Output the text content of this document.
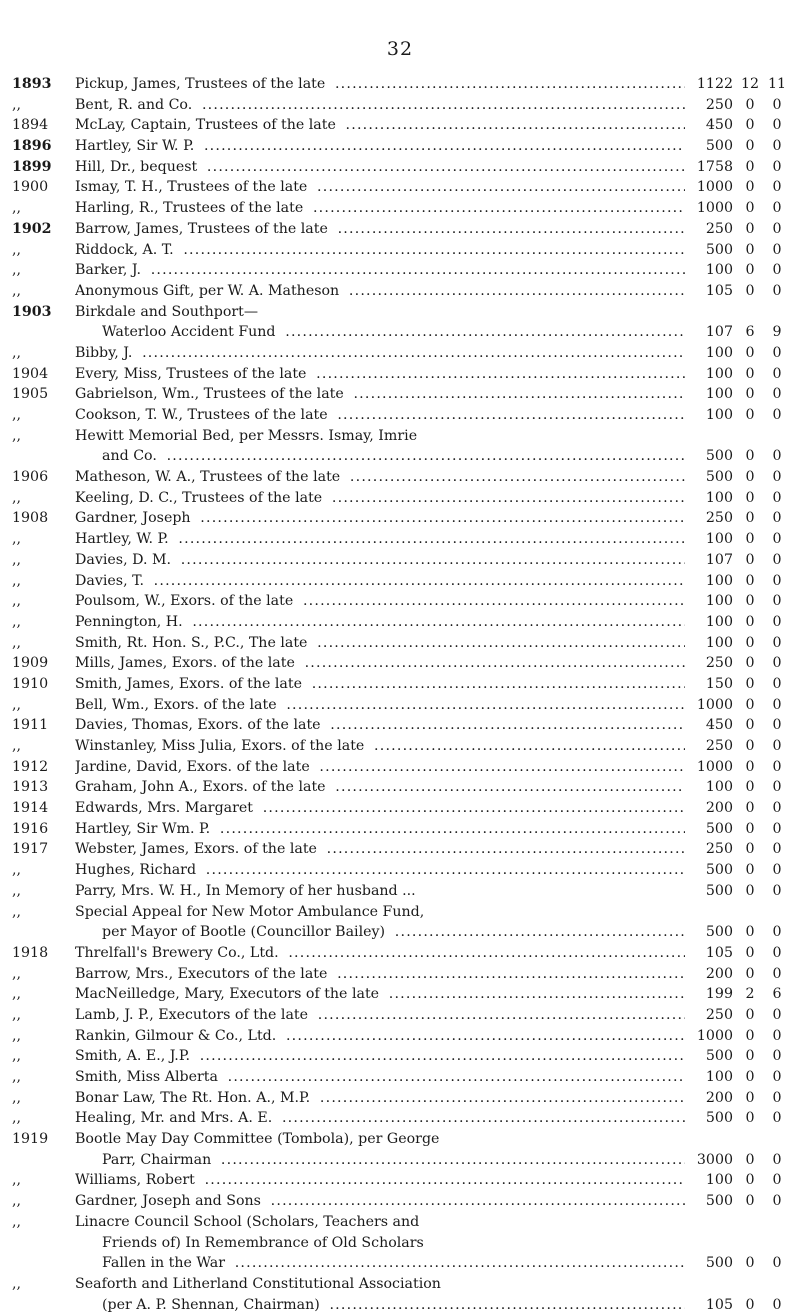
32
1893	Pickup, James, Trustees of the late .....	1122 12 11
,,	Bent, R. and Co. .....	250 0	0
1894	McLay, Captain, Trustees of the late .....	450 0	0
1896	Hartley, Sir W. P. .....	500 0	0
1899	Hill, Dr., bequest .....	1758 0	0
1900	Ismay, T. H., Trustees of the late .....	1000 0	0
,,	Harling, R., Trustees of the late .....	1000 0	0
1902	Barrow, James, Trustees of the late .....	250 0	0
,,	Riddock, A. T. .....	500 0	0
,,	Barker, J. .....	100 0	0
,,	Anonymous Gift, per W. A. Matheson .....	105 0	0
1903	Birkdale and Southport—
Waterloo Accident Fund .....	107 6	9
,,	Bibby, J. .....	100 0	0
1904	Every, Miss, Trustees of the late .....	100 0	0
1905	Gabrielson, Wm., Trustees of the late .....	100 0	0
,,	Cookson, T. W., Trustees of the late .....	100 0	0
,,	Hewitt Memorial Bed, per Messrs. Ismay, Imrie
and Co. .....	500 0	0
1906	Matheson, W. A., Trustees of the late .....	500 0	0
,,	Keeling, D. C., Trustees of the late .....	100 0	0
1908	Gardner, Joseph .....	250 0	0
,,	Hartley, W. P. .....	100 0	0
,,	Davies, D. M. .....	107 0	0
,,	Davies, T. .....	100 0	0
,,	Poulsom, W., Exors. of the late .....	100 0	0
,,	Pennington, H. .....	100 0	0
,,	Smith, Rt. Hon. S., P.C., The late .....	100 0	0
1909	Mills, James, Exors. of the late .....	250 0	0
1910	Smith, James, Exors. of the late .....	150 0	0
,,	Bell, Wm., Exors. of the late .....	1000 0	0
1911	Davies, Thomas, Exors. of the late .....	450 0	0
,,	Winstanley, Miss Julia, Exors. of the late .....	250 0	0
1912	Jardine, David, Exors. of the late .....	1000 0	0
1913	Graham, John A., Exors. of the late .....	100 0	0
1914	Edwards, Mrs. Margaret .....	200 0	0
1916	Hartley, Sir Wm. P. .....	500 0	0
1917	Webster, James, Exors. of the late .....	250 0	0
,,	Hughes, Richard .....	500 0	0
,,	Parry, Mrs. W. H., In Memory of her husband ...	500 0	0
,,	Special Appeal for New Motor Ambulance Fund,
per Mayor of Bootle (Councillor Bailey) .....	500 0	0
1918	Threlfall's Brewery Co., Ltd. .....	105 0	0
,,	Barrow, Mrs., Executors of the late .....	200 0	0
,,	MacNeilledge, Mary, Executors of the late .....	199 2	6
,,	Lamb, J. P., Executors of the late .....	250 0	0
,,	Rankin, Gilmour & Co., Ltd. .....	1000 0	0
,,	Smith, A. E., J.P. .....	500 0	0
,,	Smith, Miss Alberta .....	100 0	0
,,	Bonar Law, The Rt. Hon. A., M.P. .....	200 0	0
,,	Healing, Mr. and Mrs. A. E. .....	500 0	0
1919	Bootle May Day Committee (Tombola), per George
Parr, Chairman .....	3000 0	0
,,	Williams, Robert .....	100 0	0
,,	Gardner, Joseph and Sons .....	500 0	0
,,	Linacre Council School (Scholars, Teachers and
Friends of) In Remembrance of Old Scholars
Fallen in the War .....	500 0	0
,,	Seaforth and Litherland Constitutional Association
(per A. P. Shennan, Chairman) .....	105 0	0
